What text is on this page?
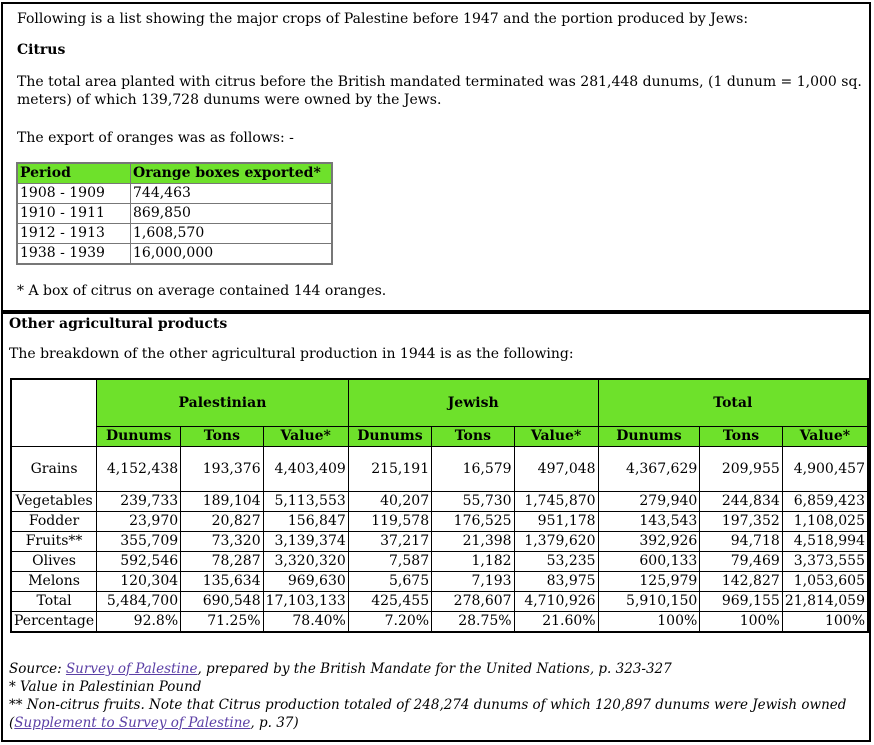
Following is a list showing the major crops of Palestine before 1947 and the portion produced by Jews:

Citrus

The total area planted with citrus before the British mandated terminated was 281,448 dunums, (1 dunum = 1,000 sq. meters) of which 139,728 dunums were owned by the Jews.

The export of oranges was as follows: -

Period	Orange boxes exported*
1908 - 1909	744,463
1910 - 1911	869,850
1912 - 1913	1,608,570
1938 - 1939	16,000,000

* A box of citrus on average contained 144 oranges.

Other agricultural products
The breakdown of the other agricultural production in 1944 is as the following:
	Palestinian			Jewish			Total		
	Dunums	Tons	Value*	Dunums	Tons	Value*	Dunums	Tons	Value*
Grains	4,152,438	193,376	4,403,409	215,191	16,579	497,048	4,367,629	209,955	4,900,457
Vegetables	239,733	189,104	5,113,553	40,207	55,730	1,745,870	279,940	244,834	6,859,423
Fodder	23,970	20,827	156,847	119,578	176,525	951,178	143,543	197,352	1,108,025
Fruits**	355,709	73,320	3,139,374	37,217	21,398	1,379,620	392,926	94,718	4,518,994
Olives	592,546	78,287	3,320,320	7,587	1,182	53,235	600,133	79,469	3,373,555
Melons	120,304	135,634	969,630	5,675	7,193	83,975	125,979	142,827	1,053,605
Total	5,484,700	690,548	17,103,133	425,455	278,607	4,710,926	5,910,150	969,155	21,814,059
Percentage	92.8%	71.25%	78.40%	7.20%	28.75%	21.60%	100%	100%	100%
Source: Survey of Palestine, prepared by the British Mandate for the United Nations, p. 323-327
* Value in Palestinian Pound
** Non-citrus fruits. Note that Citrus production totaled of 248,274 dunums of which 120,897 dunums were Jewish owned (Supplement to Survey of Palestine, p. 37)
